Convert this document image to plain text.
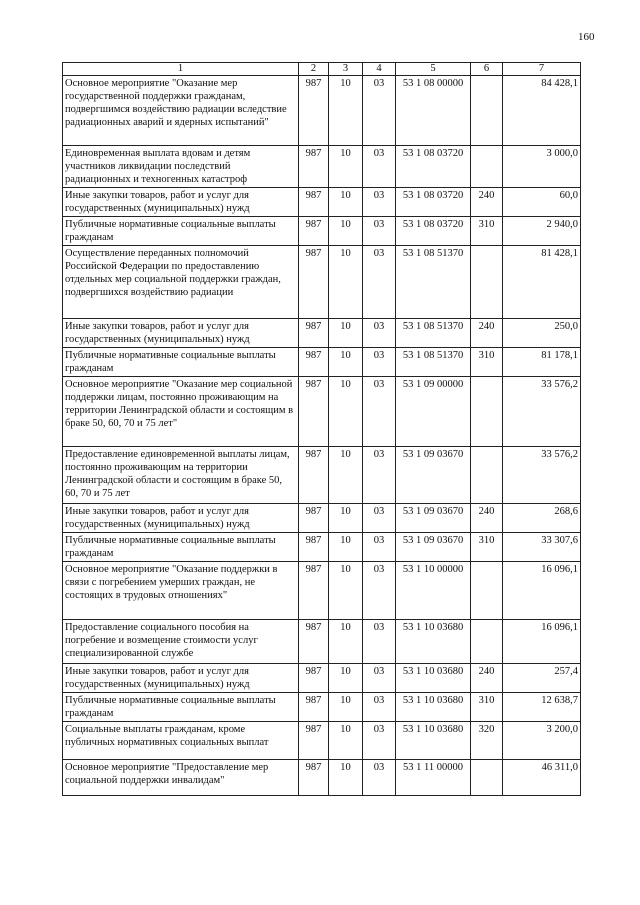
160
1	2	3	4	5	6	7
Основное мероприятие "Оказание мер государственной поддержки гражданам, подвергшимся воздействию радиации вследствие радиационных аварий и ядерных испытаний"	987	10	03	53 1 08 00000		84 428,1
Единовременная выплата вдовам и детям участников ликвидации последствий радиационных и техногенных катастроф	987	10	03	53 1 08 03720		3 000,0
Иные закупки товаров, работ и услуг для государственных (муниципальных) нужд	987	10	03	53 1 08 03720	240	60,0
Публичные нормативные социальные выплаты гражданам	987	10	03	53 1 08 03720	310	2 940,0
Осуществление переданных полномочий Российской Федерации по предоставлению отдельных мер социальной поддержки граждан, подвергшихся воздействию радиации	987	10	03	53 1 08 51370		81 428,1
Иные закупки товаров, работ и услуг для государственных (муниципальных) нужд	987	10	03	53 1 08 51370	240	250,0
Публичные нормативные социальные выплаты гражданам	987	10	03	53 1 08 51370	310	81 178,1
Основное мероприятие "Оказание мер социальной поддержки лицам, постоянно проживающим на территории Ленинградской области и состоящим в браке 50, 60, 70 и 75 лет"	987	10	03	53 1 09 00000		33 576,2
Предоставление единовременной выплаты лицам, постоянно проживающим на территории Ленинградской области и состоящим в браке 50, 60, 70 и 75 лет	987	10	03	53 1 09 03670		33 576,2
Иные закупки товаров, работ и услуг для государственных (муниципальных) нужд	987	10	03	53 1 09 03670	240	268,6
Публичные нормативные социальные выплаты гражданам	987	10	03	53 1 09 03670	310	33 307,6
Основное мероприятие "Оказание поддержки в связи с погребением умерших граждан, не состоящих в трудовых отношениях"	987	10	03	53 1 10 00000		16 096,1
Предоставление социального пособия на погребение и возмещение стоимости услуг специализированной службе	987	10	03	53 1 10 03680		16 096,1
Иные закупки товаров, работ и услуг для государственных (муниципальных) нужд	987	10	03	53 1 10 03680	240	257,4
Публичные нормативные социальные выплаты гражданам	987	10	03	53 1 10 03680	310	12 638,7
Социальные выплаты гражданам, кроме публичных нормативных социальных выплат	987	10	03	53 1 10 03680	320	3 200,0
Основное мероприятие "Предоставление мер социальной поддержки инвалидам"	987	10	03	53 1 11 00000		46 311,0
